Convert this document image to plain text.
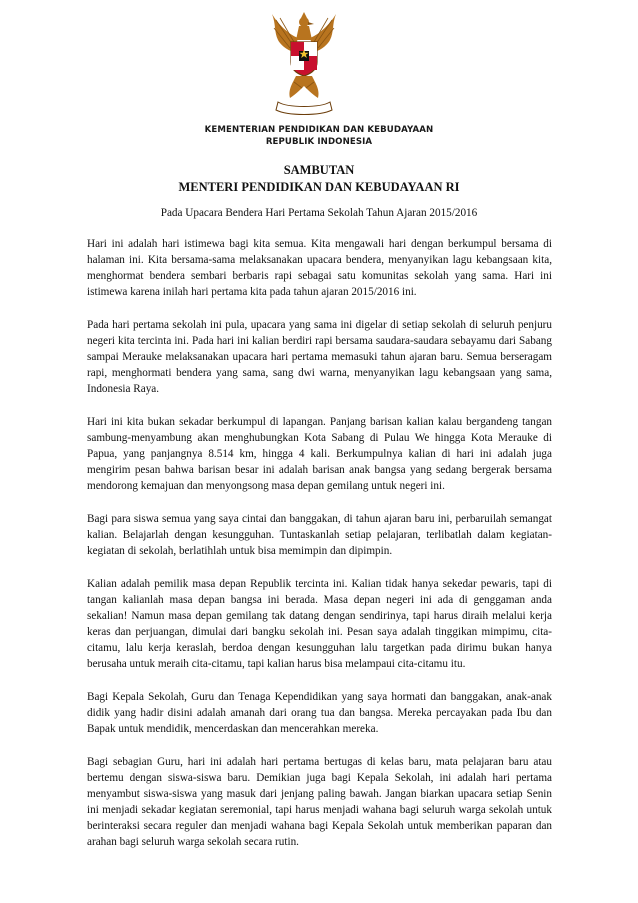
KEMENTERIAN PENDIDIKAN DAN KEBUDAYAAN
REPUBLIK INDONESIA
SAMBUTAN
MENTERI PENDIDIKAN DAN KEBUDAYAAN RI
Pada Upacara Bendera Hari Pertama Sekolah Tahun Ajaran 2015/2016

Hari ini adalah hari istimewa bagi kita semua. Kita mengawali hari dengan berkumpul bersama di halaman ini. Kita bersama-sama melaksanakan upacara bendera, menyanyikan lagu kebangsaan kita, menghormat bendera sembari berbaris rapi sebagai satu komunitas sekolah yang sama. Hari ini istimewa karena inilah hari pertama kita pada tahun ajaran 2015/2016 ini.

Pada hari pertama sekolah ini pula, upacara yang sama ini digelar di setiap sekolah di seluruh penjuru negeri kita tercinta ini. Pada hari ini kalian berdiri rapi bersama saudara-saudara sebayamu dari Sabang sampai Merauke melaksanakan upacara hari pertama memasuki tahun ajaran baru. Semua berseragam rapi, menghormati bendera yang sama, sang dwi warna, menyanyikan lagu kebangsaan yang sama, Indonesia Raya.

Hari ini kita bukan sekadar berkumpul di lapangan. Panjang barisan kalian kalau bergandeng tangan sambung-menyambung akan menghubungkan Kota Sabang di Pulau We hingga Kota Merauke di Papua, yang panjangnya 8.514 km, hingga 4 kali. Berkumpulnya kalian di hari ini adalah juga mengirim pesan bahwa barisan besar ini adalah barisan anak bangsa yang sedang bergerak bersama mendorong kemajuan dan menyongsong masa depan gemilang untuk negeri ini.

Bagi para siswa semua yang saya cintai dan banggakan, di tahun ajaran baru ini, perbaruilah semangat kalian. Belajarlah dengan kesungguhan. Tuntaskanlah setiap pelajaran, terlibatlah dalam kegiatan-kegiatan di sekolah, berlatihlah untuk bisa memimpin dan dipimpin.

Kalian adalah pemilik masa depan Republik tercinta ini. Kalian tidak hanya sekedar pewaris, tapi di tangan kalianlah masa depan bangsa ini berada. Masa depan negeri ini ada di genggaman anda sekalian! Namun masa depan gemilang tak datang dengan sendirinya, tapi harus diraih melalui kerja keras dan perjuangan, dimulai dari bangku sekolah ini. Pesan saya adalah tinggikan mimpimu, cita-citamu, lalu kerja keraslah, berdoa dengan kesungguhan lalu targetkan pada dirimu bukan hanya berusaha untuk meraih cita-citamu, tapi kalian harus bisa melampaui cita-citamu itu.

Bagi Kepala Sekolah, Guru dan Tenaga Kependidikan yang saya hormati dan banggakan, anak-anak didik yang hadir disini adalah amanah dari orang tua dan bangsa. Mereka percayakan pada Ibu dan Bapak untuk mendidik, mencerdaskan dan mencerahkan mereka.

Bagi sebagian Guru, hari ini adalah hari pertama bertugas di kelas baru, mata pelajaran baru atau bertemu dengan siswa-siswa baru. Demikian juga bagi Kepala Sekolah, ini adalah hari pertama menyambut siswa-siswa yang masuk dari jenjang paling bawah. Jangan biarkan upacara setiap Senin ini menjadi sekadar kegiatan seremonial, tapi harus menjadi wahana bagi seluruh warga sekolah untuk berinteraksi secara reguler dan menjadi wahana bagi Kepala Sekolah untuk memberikan paparan dan arahan bagi seluruh warga sekolah secara rutin.
